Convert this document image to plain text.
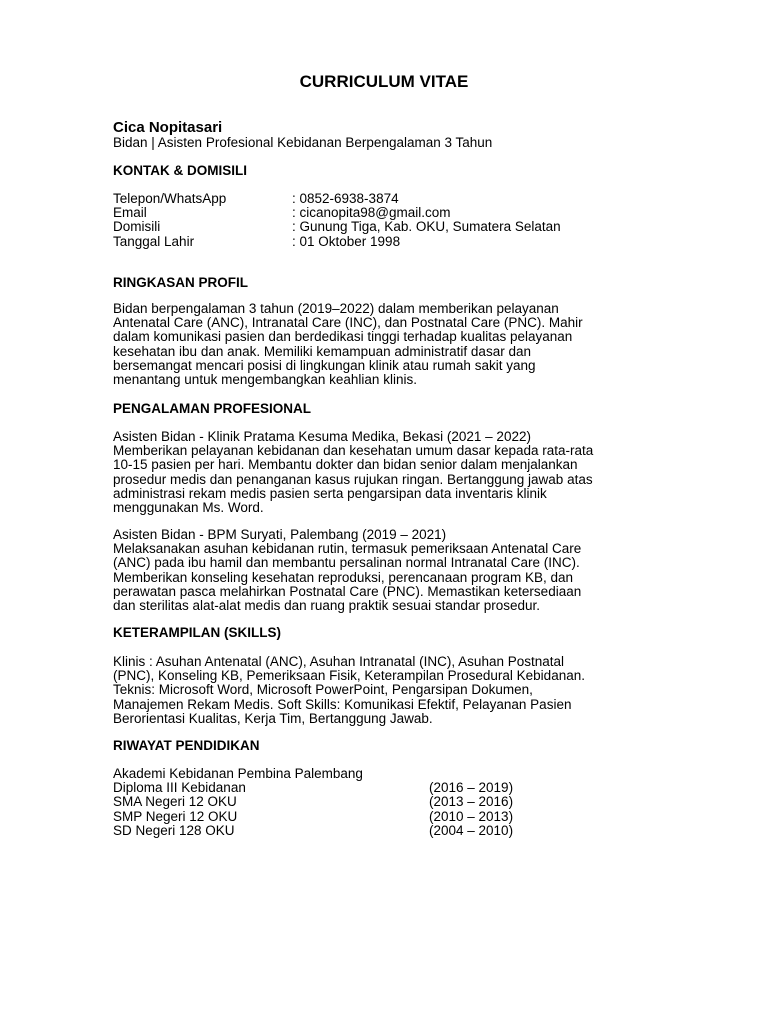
CURRICULUM VITAE
Cica Nopitasari
Bidan | Asisten Profesional Kebidanan Berpengalaman 3 Tahun
KONTAK & DOMISILI
Telepon/WhatsApp	: 0852-6938-3874
Email	: cicanopita98@gmail.com
Domisili	: Gunung Tiga, Kab. OKU, Sumatera Selatan
Tanggal Lahir	: 01 Oktober 1998
RINGKASAN PROFIL

Bidan berpengalaman 3 tahun (2019–2022) dalam memberikan pelayanan

Antenatal Care (ANC), Intranatal Care (INC), dan Postnatal Care (PNC). Mahir

dalam komunikasi pasien dan berdedikasi tinggi terhadap kualitas pelayanan

kesehatan ibu dan anak. Memiliki kemampuan administratif dasar dan

bersemangat mencari posisi di lingkungan klinik atau rumah sakit yang

menantang untuk mengembangkan keahlian klinis.

PENGALAMAN PROFESIONAL

Asisten Bidan - Klinik Pratama Kesuma Medika, Bekasi (2021 – 2022)

Memberikan pelayanan kebidanan dan kesehatan umum dasar kepada rata-rata

10-15 pasien per hari. Membantu dokter dan bidan senior dalam menjalankan

prosedur medis dan penanganan kasus rujukan ringan. Bertanggung jawab atas

administrasi rekam medis pasien serta pengarsipan data inventaris klinik

menggunakan Ms. Word.

Asisten Bidan - BPM Suryati, Palembang (2019 – 2021)

Melaksanakan asuhan kebidanan rutin, termasuk pemeriksaan Antenatal Care

(ANC) pada ibu hamil dan membantu persalinan normal Intranatal Care (INC).

Memberikan konseling kesehatan reproduksi, perencanaan program KB, dan

perawatan pasca melahirkan Postnatal Care (PNC). Memastikan ketersediaan

dan sterilitas alat-alat medis dan ruang praktik sesuai standar prosedur.

KETERAMPILAN (SKILLS)

Klinis : Asuhan Antenatal (ANC), Asuhan Intranatal (INC), Asuhan Postnatal

(PNC), Konseling KB, Pemeriksaan Fisik, Keterampilan Prosedural Kebidanan.

Teknis: Microsoft Word, Microsoft PowerPoint, Pengarsipan Dokumen,

Manajemen Rekam Medis. Soft Skills: Komunikasi Efektif, Pelayanan Pasien

Berorientasi Kualitas, Kerja Tim, Bertanggung Jawab.

RIWAYAT PENDIDIKAN

Akademi Kebidanan Pembina Palembang

Diploma III Kebidanan	(2016 – 2019)
SMA Negeri 12 OKU	(2013 – 2016)
SMP Negeri 12 OKU	(2010 – 2013)
SD Negeri 128 OKU	(2004 – 2010)
